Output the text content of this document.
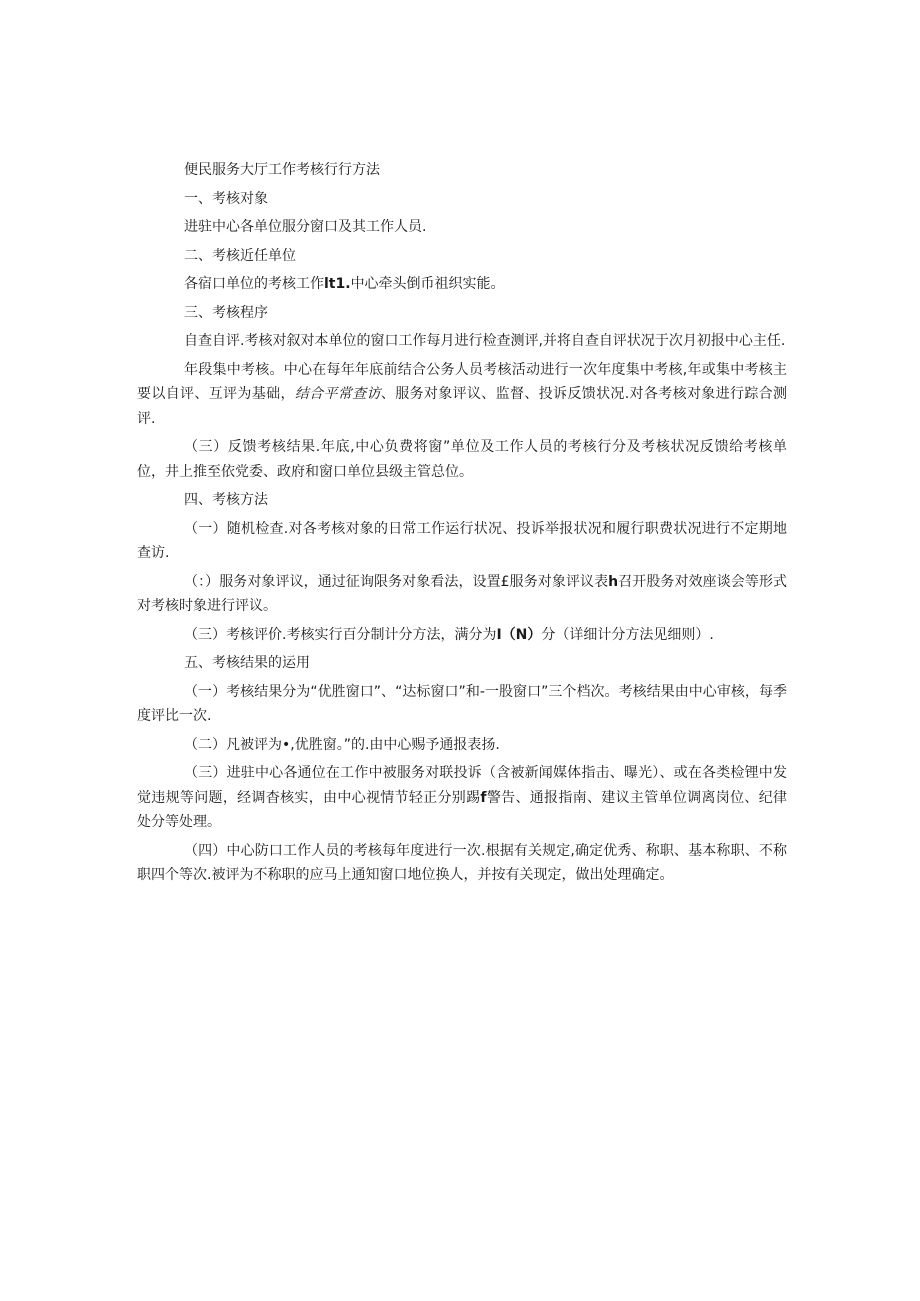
便民服务大厅工作考核行行方法

一、考核对象

进驻中心各单位服分窗口及其工作人员.

二、考核近任单位

各宿口单位的考核工作lt1.中心牵头倒币祖织实能。

三、考核程序

自查自评.考核对叙对本单位的窗口工作每月进行检查测评,并将自查自评状况于次月初报中心主任.

年段集中考核。中心在每年年底前结合公务人员考核活动进行一次年度集中考核,年或集中考核主要以自评、互评为基础，结合平常查访、服务对象评议、监督、投诉反馈状况.对各考核对象进行踪合测评.

（三）反馈考核结果.年底,中心负费将窗”单位及工作人员的考核行分及考核状况反馈给考核单位，井上推至依党委、政府和窗口单位县级主管总位。

四、考核方法

（一）随机检查.对各考核对象的日常工作运行状况、投诉举报状况和履行职费状况进行不定期地查访.

（：）服务对象评议，通过征询限务对象看法，设置£服务对象评议表h召开股务对效座谈会等形式对考核时象进行评议。

（三）考核评价.考核实行百分制计分方法，满分为I（N）分（详细计分方法见细则）.

五、考核结果的运用

（一）考核结果分为“优胜窗口”、“达标窗口”和-一股窗口”三个档次。考核结果由中心审核，每季度评比一次.

（二）凡被评为•,优胜窗。”的.由中心赐予通报表扬.

（三）进驻中心各通位在工作中被服务对联投诉（含被新闻媒体指击、曝光）、或在各类检锂中发觉违规等问题，经调杳核实，由中心视情节轻正分别踢f警告、通报指南、建议主管单位调离岗位、纪律处分等处理。

（四）中心防口工作人员的考核每年度进行一次.根据有关规定,确定优秀、称职、基本称职、不称职四个等次.被评为不称职的应马上通知窗口地位换人，并按有关现定，做出处理确定。
